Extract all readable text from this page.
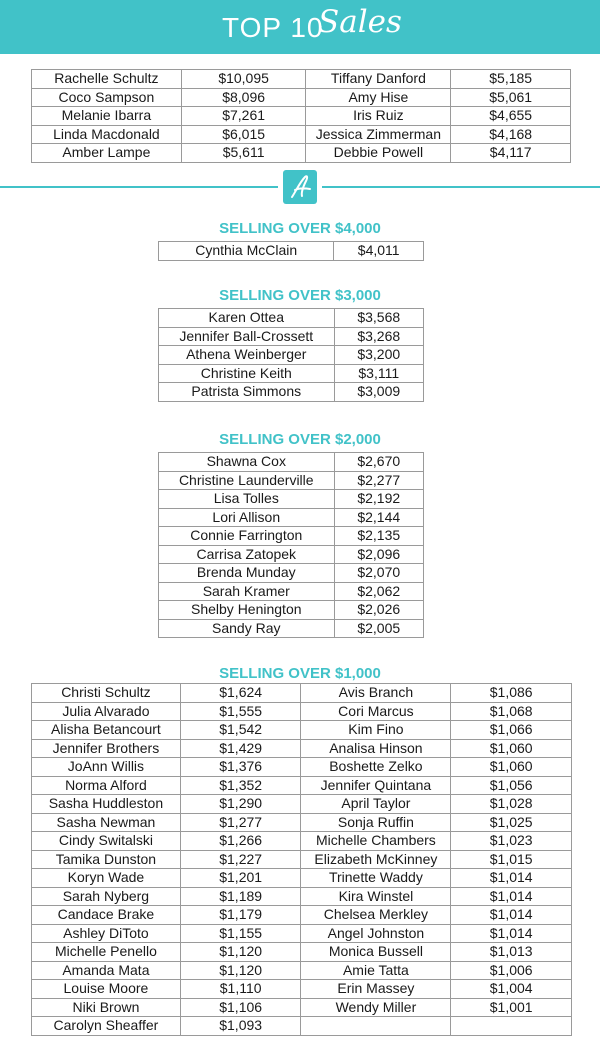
TOP 10
Sales
Rachelle Schultz	$10,095	Tiffany Danford	$5,185
Coco Sampson	$8,096	Amy Hise	$5,061
Melanie Ibarra	$7,261	Iris Ruiz	$4,655
Linda Macdonald	$6,015	Jessica Zimmerman	$4,168
Amber Lampe	$5,611	Debbie Powell	$4,117
SELLING OVER $4,000
Cynthia McClain	$4,011
SELLING OVER $3,000
Karen Ottea	$3,568
Jennifer Ball-Crossett	$3,268
Athena Weinberger	$3,200
Christine Keith	$3,111
Patrista Simmons	$3,009
SELLING OVER $2,000
Shawna Cox	$2,670
Christine Launderville	$2,277
Lisa Tolles	$2,192
Lori Allison	$2,144
Connie Farrington	$2,135
Carrisa Zatopek	$2,096
Brenda Munday	$2,070
Sarah Kramer	$2,062
Shelby Henington	$2,026
Sandy Ray	$2,005
SELLING OVER $1,000
Christi Schultz	$1,624	Avis Branch	$1,086
Julia Alvarado	$1,555	Cori Marcus	$1,068
Alisha Betancourt	$1,542	Kim Fino	$1,066
Jennifer Brothers	$1,429	Analisa Hinson	$1,060
JoAnn Willis	$1,376	Boshette Zelko	$1,060
Norma Alford	$1,352	Jennifer Quintana	$1,056
Sasha Huddleston	$1,290	April Taylor	$1,028
Sasha Newman	$1,277	Sonja Ruffin	$1,025
Cindy Switalski	$1,266	Michelle Chambers	$1,023
Tamika Dunston	$1,227	Elizabeth McKinney	$1,015
Koryn Wade	$1,201	Trinette Waddy	$1,014
Sarah Nyberg	$1,189	Kira Winstel	$1,014
Candace Brake	$1,179	Chelsea Merkley	$1,014
Ashley DiToto	$1,155	Angel Johnston	$1,014
Michelle Penello	$1,120	Monica Bussell	$1,013
Amanda Mata	$1,120	Amie Tatta	$1,006
Louise Moore	$1,110	Erin Massey	$1,004
Niki Brown	$1,106	Wendy Miller	$1,001
Carolyn Sheaffer	$1,093		
